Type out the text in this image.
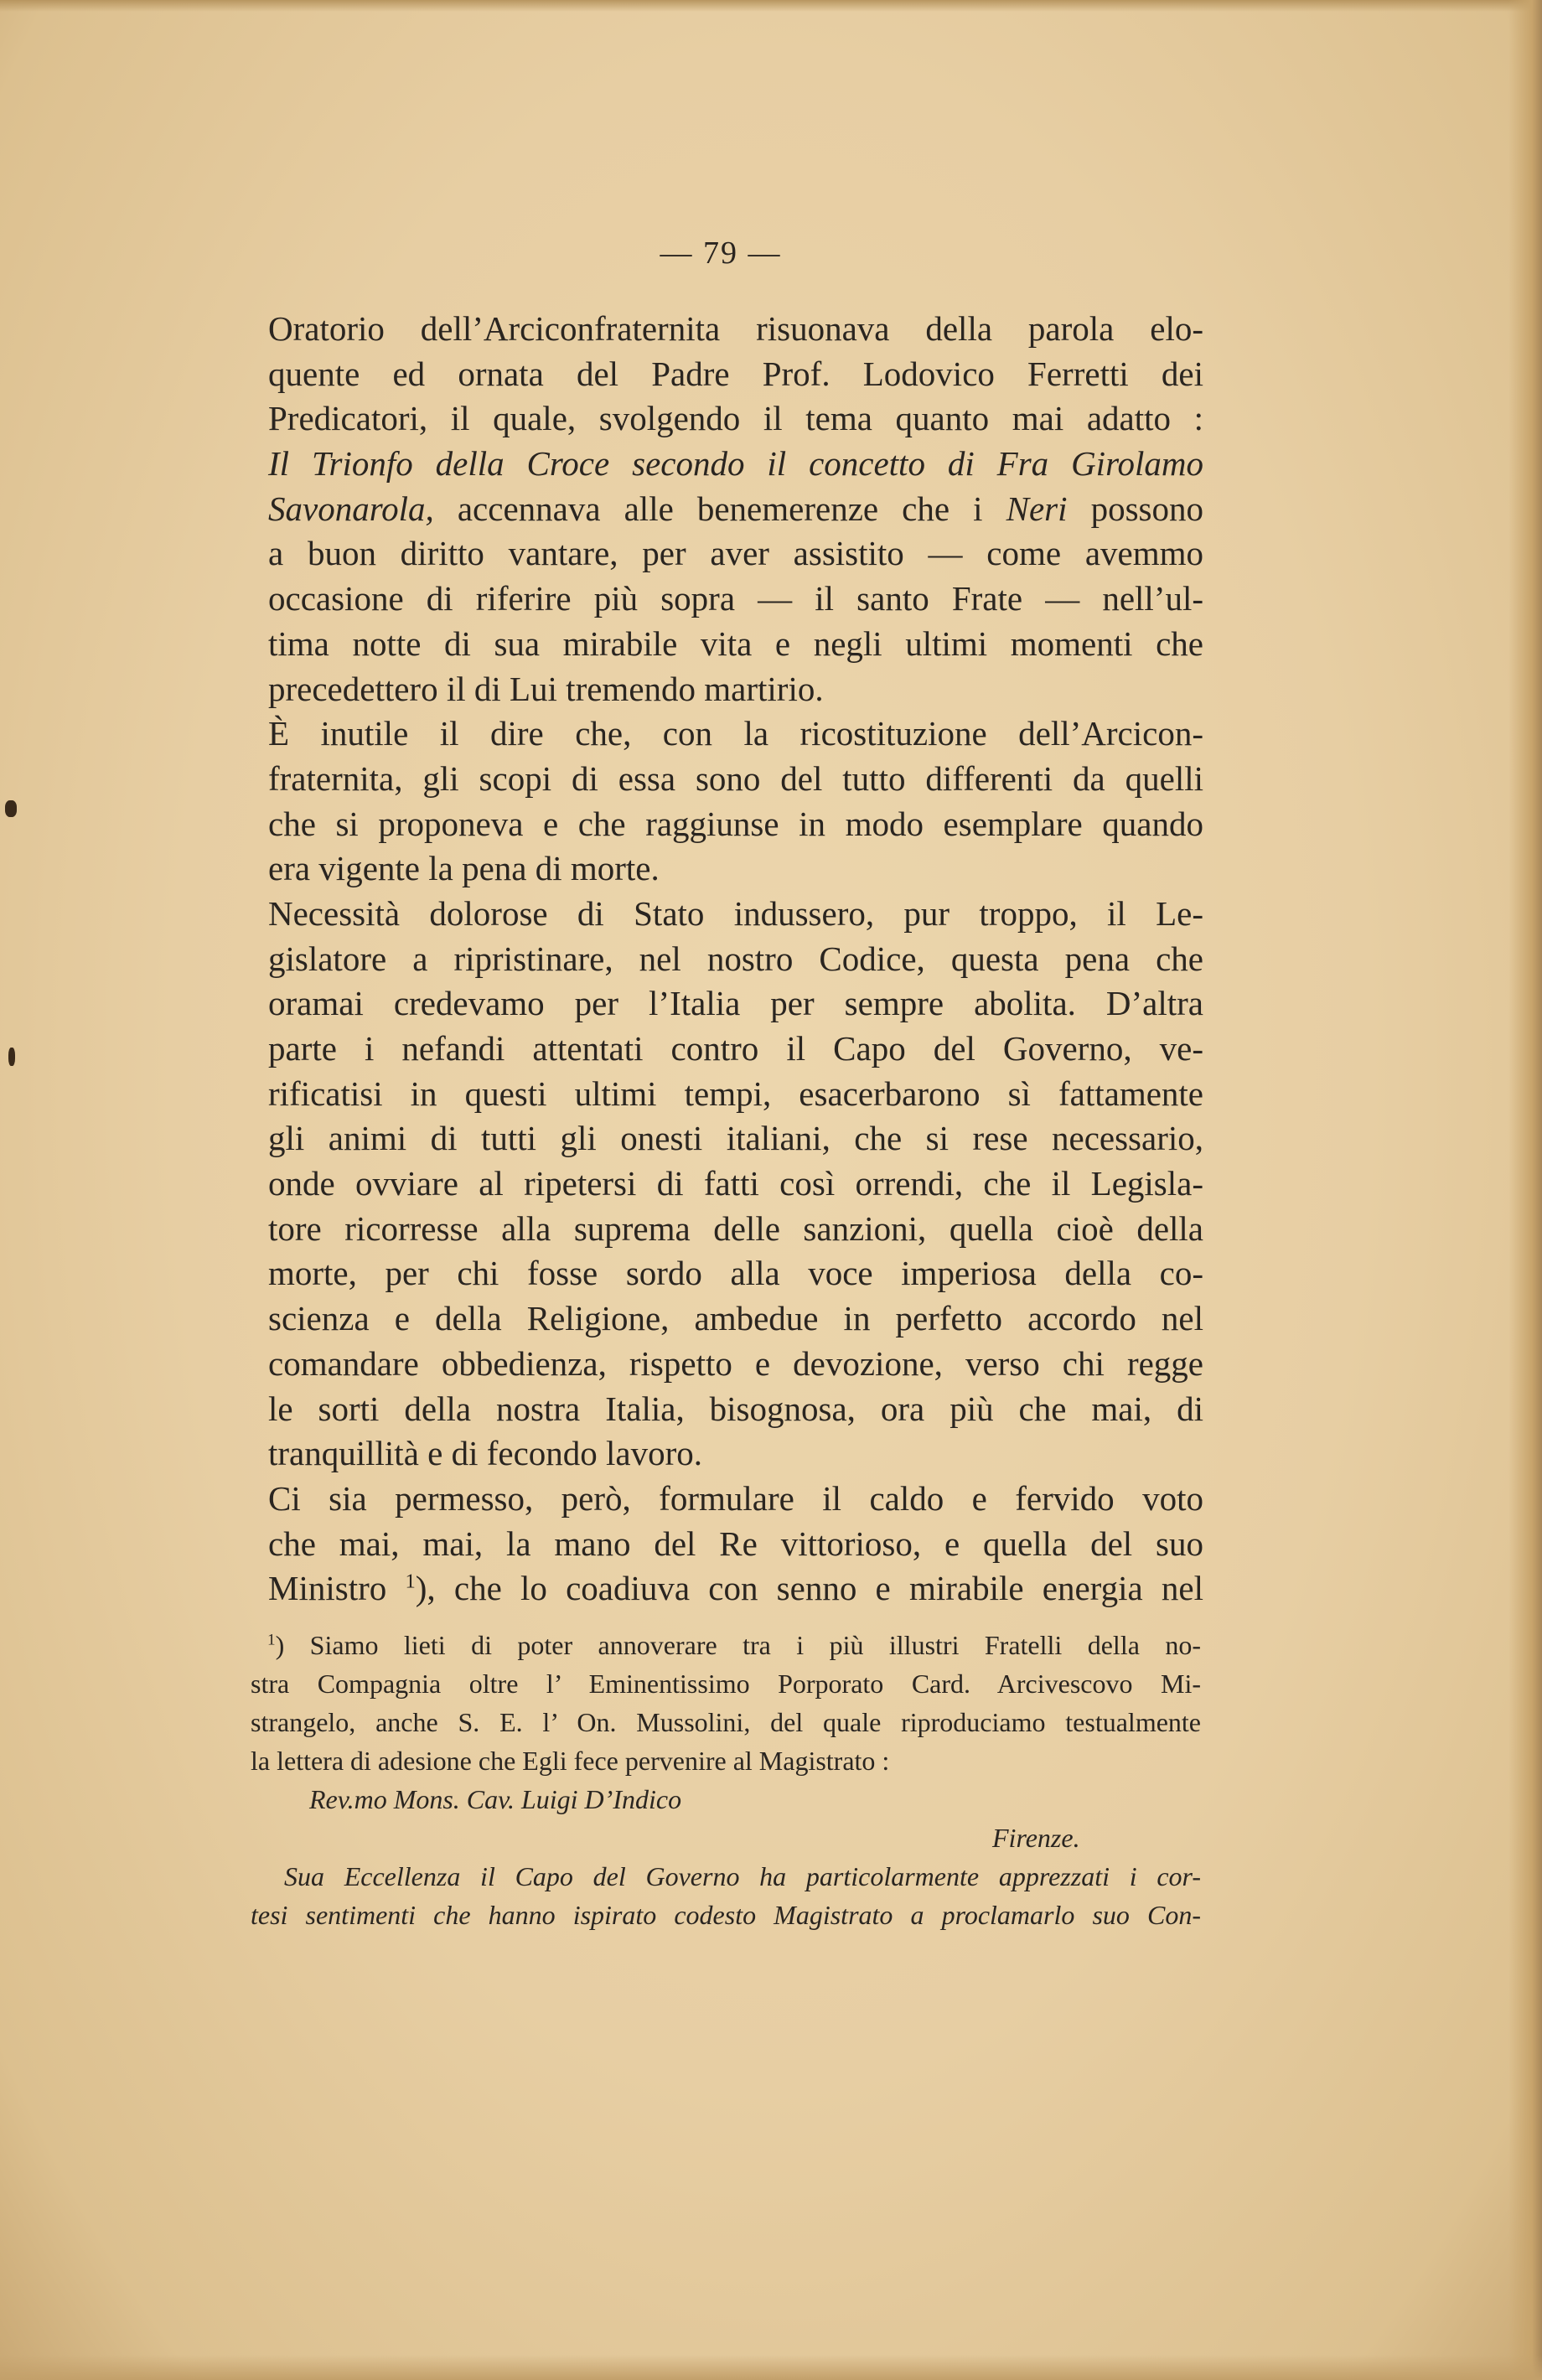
— 79 —
Oratorio dell’Arciconfraternita risuonava della parola elo-
quente ed ornata del Padre Prof. Lodovico Ferretti dei
Predicatori, il quale, svolgendo il tema quanto mai adatto :
Il Trionfo della Croce secondo il concetto di Fra Girolamo
Savonarola, accennava alle benemerenze che i Neri possono
a buon diritto vantare, per aver assistito — come avemmo
occasione di riferire più sopra — il santo Frate — nell’ul-
tima notte di sua mirabile vita e negli ultimi momenti che
precedettero il di Lui tremendo martirio.
È inutile il dire che, con la ricostituzione dell’Arcicon-
fraternita, gli scopi di essa sono del tutto differenti da quelli
che si proponeva e che raggiunse in modo esemplare quando
era vigente la pena di morte.
Necessità dolorose di Stato indussero, pur troppo, il Le-
gislatore a ripristinare, nel nostro Codice, questa pena che
oramai credevamo per l’Italia per sempre abolita. D’altra
parte i nefandi attentati contro il Capo del Governo, ve-
rificatisi in questi ultimi tempi, esacerbarono sì fattamente
gli animi di tutti gli onesti italiani, che si rese necessario,
onde ovviare al ripetersi di fatti così orrendi, che il Legisla-
tore ricorresse alla suprema delle sanzioni, quella cioè della
morte, per chi fosse sordo alla voce imperiosa della co-
scienza e della Religione, ambedue in perfetto accordo nel
comandare obbedienza, rispetto e devozione, verso chi regge
le sorti della nostra Italia, bisognosa, ora più che mai, di
tranquillità e di fecondo lavoro.
Ci sia permesso, però, formulare il caldo e fervido voto
che mai, mai, la mano del Re vittorioso, e quella del suo
Ministro $^1$), che lo coadiuva con senno e mirabile energia nel
$^1$) Siamo lieti di poter annoverare tra i più illustri Fratelli della no-
stra Compagnia oltre l’ Eminentissimo Porporato Card. Arcivescovo Mi-
strangelo, anche S. E. l’ On. Mussolini, del quale riproduciamo testualmente
la lettera di adesione che Egli fece pervenire al Magistrato :
Rev.mo Mons. Cav. Luigi D’Indico
Firenze.
Sua Eccellenza il Capo del Governo ha particolarmente apprezzati i cor-
tesi sentimenti che hanno ispirato codesto Magistrato a proclamarlo suo Con-
